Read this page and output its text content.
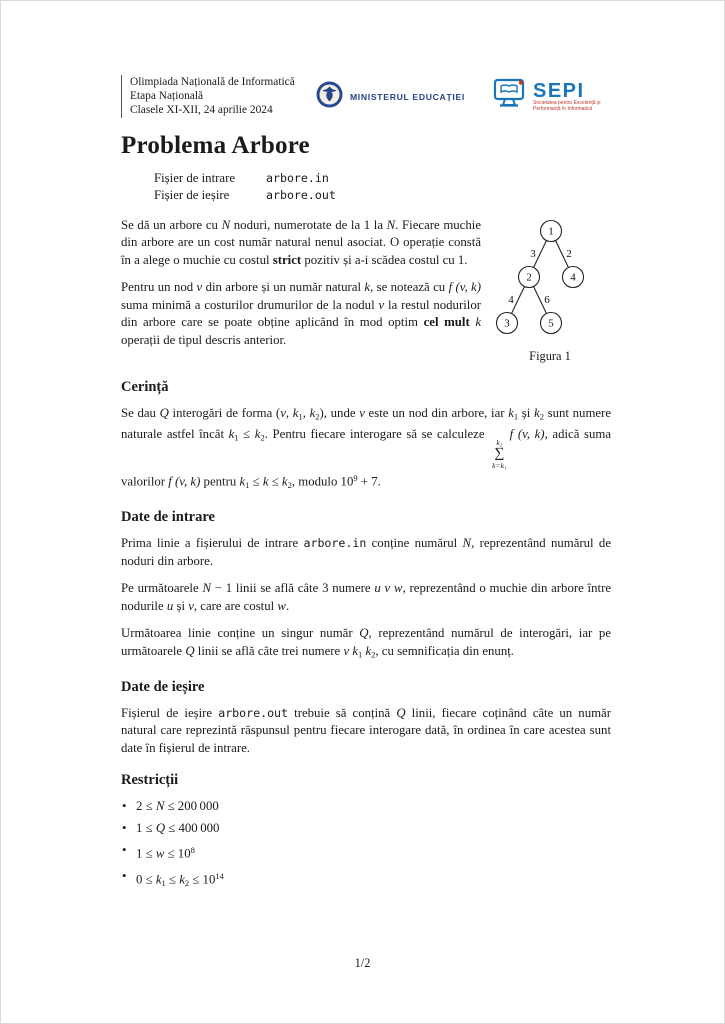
Olimpiada Națională de Informatică
Etapa Națională
Clasele XI-XII, 24 aprilie 2024
MINISTERUL EDUCAȚIEI	SEPI
Societatea pentru Excelență și Performanță în Informatică
Problema Arbore
Fișier de intrare	arbore.in
Fișier de ieșire	arbore.out

Se dă un arbore cu N noduri, numerotate de la 1 la N. Fiecare muchie din arbore are un cost număr natural nenul asociat. O operație constă în a alege o muchie cu costul strict pozitiv și a-i scădea costul cu 1.

Pentru un nod v din arbore și un număr natural k, se notează cu f (v, k) suma minimă a costurilor drumurilor de la nodul v la restul nodurilor din arbore care se poate obține aplicând în mod optim cel mult k operații de tipul descris anterior.

3	2
4	6
1
2	4
3	5
Figura 1
Cerință

Se dau Q interogări de forma (v, k1, k2), unde v este un nod din arbore, iar k1 și k2 sunt numere naturale astfel încât k1 ≤ k2. Pentru fiecare interogare să se calculeze
k₂
∑
k=k₁
f (v, k), adică suma valorilor f (v, k) pentru k1 ≤ k ≤ k2, modulo $10^9 + 7$.

Date de intrare

Prima linie a fișierului de intrare arbore.in conține numărul N, reprezentând numărul de noduri din arbore.

Pe următoarele N − 1 linii se află câte 3 numere u v w, reprezentând o muchie din arbore între nodurile u și v, care are costul w.

Următoarea linie conține un singur număr Q, reprezentând numărul de interogări, iar pe următoarele Q linii se află câte trei numere v k1 k2, cu semnificația din enunț.

Date de ieșire

Fișierul de ieșire arbore.out trebuie să conțină Q linii, fiecare coținând câte un număr natural care reprezintă răspunsul pentru fiecare interogare dată, în ordinea în care acestea sunt date în fișierul de intrare.

Restricții
• 2 ≤ N ≤ 200 000
• 1 ≤ Q ≤ 400 000
• $1 \le w \le 10^8$
• $0 \le k1 \le k2 \le 10^{14}$
1/2
